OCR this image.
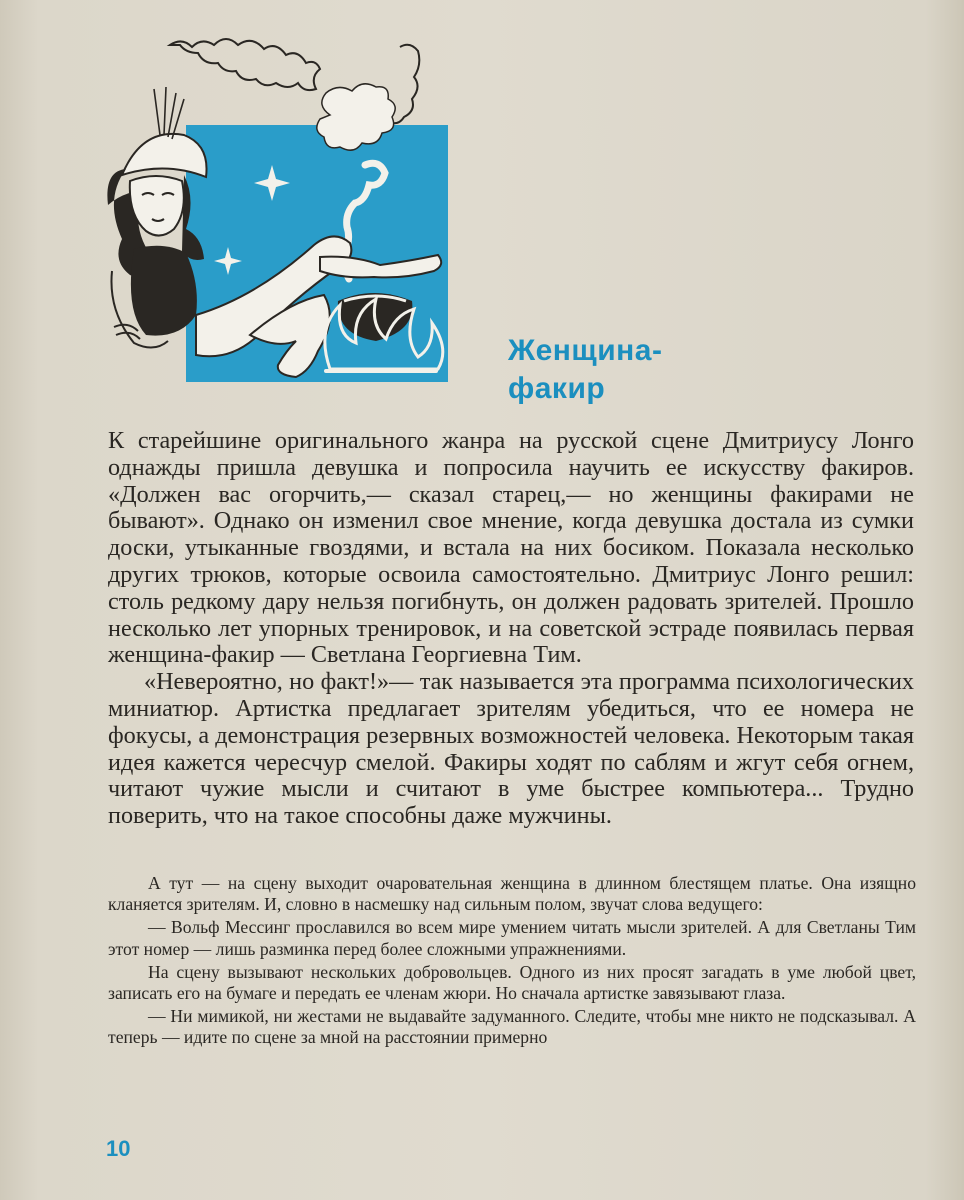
Женщина-
факир

К старейшине оригинального жанра на русской сцене Дмитриусу Лонго однажды пришла девушка и попросила научить ее искусству факиров. «Должен вас огорчить,— сказал старец,— но женщины факирами не бывают». Однако он изменил свое мнение, когда девушка достала из сумки доски, утыканные гвоздями, и встала на них босиком. Показала несколько других трюков, которые освоила самостоятельно. Дмитриус Лонго решил: столь редкому дару нельзя погибнуть, он должен радовать зрителей. Прошло несколько лет упорных тренировок, и на советской эстраде появилась первая женщина-факир — Светлана Георгиевна Тим.

«Невероятно, но факт!»— так называется эта программа психологических миниатюр. Артистка предлагает зрителям убедиться, что ее номера не фокусы, а демонстрация резервных возможностей человека. Некоторым такая идея кажется чересчур смелой. Факиры ходят по саблям и жгут себя огнем, читают чужие мысли и считают в уме быстрее компьютера... Трудно поверить, что на такое способны даже мужчины.

А тут — на сцену выходит очаровательная женщина в длинном блестящем платье. Она изящно кланяется зрителям. И, словно в насмешку над сильным полом, звучат слова ведущего:

— Вольф Мессинг прославился во всем мире умением читать мысли зрителей. А для Светланы Тим этот номер — лишь разминка перед более сложными упражнениями.

На сцену вызывают нескольких добровольцев. Одного из них просят загадать в уме любой цвет, записать его на бумаге и передать ее членам жюри. Но сначала артистке завязывают глаза.

— Ни мимикой, ни жестами не выдавайте задуманного. Следите, чтобы мне никто не подсказывал. А теперь — идите по сцене за мной на расстоянии примерно

10
